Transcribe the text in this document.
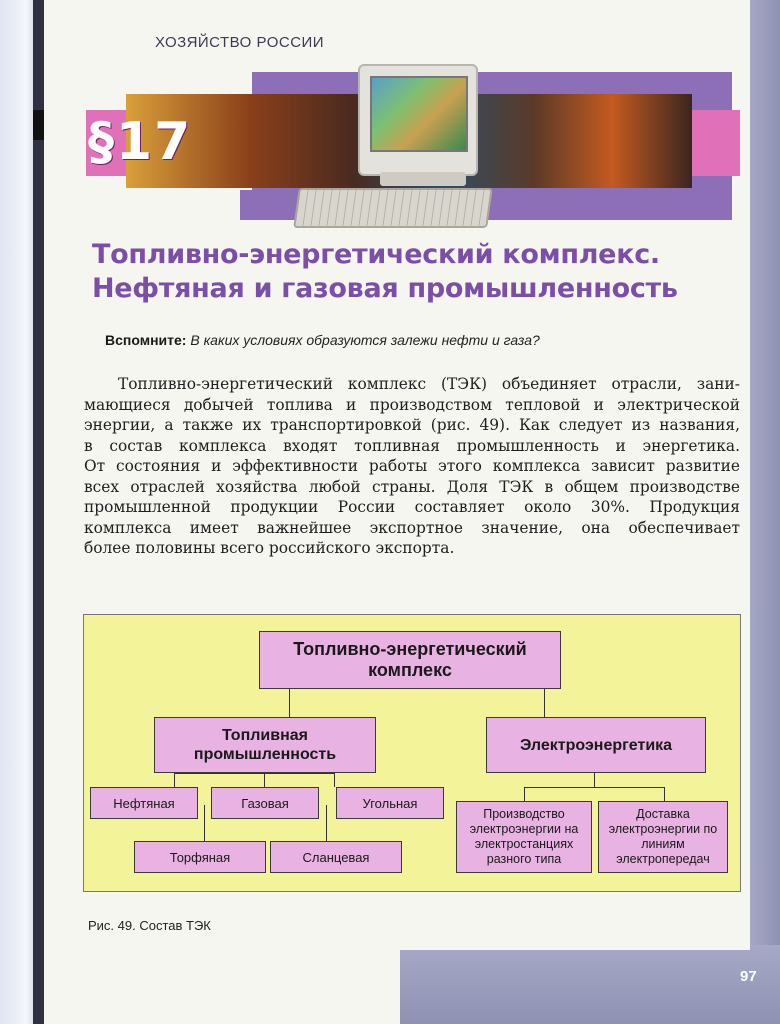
ХОЗЯЙСТВО РОССИИ
§17
Топливно-энергетический комплекс.
Нефтяная и газовая промышленность
Вспомните: В каких условиях образуются залежи нефти и газа?

Топливно-энергетический комплекс (ТЭК) объединяет отрасли, зани-
мающиеся добычей топлива и производством тепловой и электрической
энергии, а также их транспортировкой (рис. 49). Как следует из названия,
в состав комплекса входят топливная промышленность и энергетика.
От состояния и эффективности работы этого комплекса зависит развитие
всех отраслей хозяйства любой страны. Доля ТЭК в общем производстве
промышленной продукции России составляет около 30%. Продукция
комплекса имеет важнейшее экспортное значение, она обеспечивает
более половины всего российского экспорта.

Топливно-энергетический комплекс
Топливная промышленность
Электроэнергетика
Нефтяная	Газовая	Угольная
Торфяная	Сланцевая
Производство электроэнергии на электростанциях разного типа
Доставка электроэнергии по линиям электропередач
Рис. 49. Состав ТЭК
97
